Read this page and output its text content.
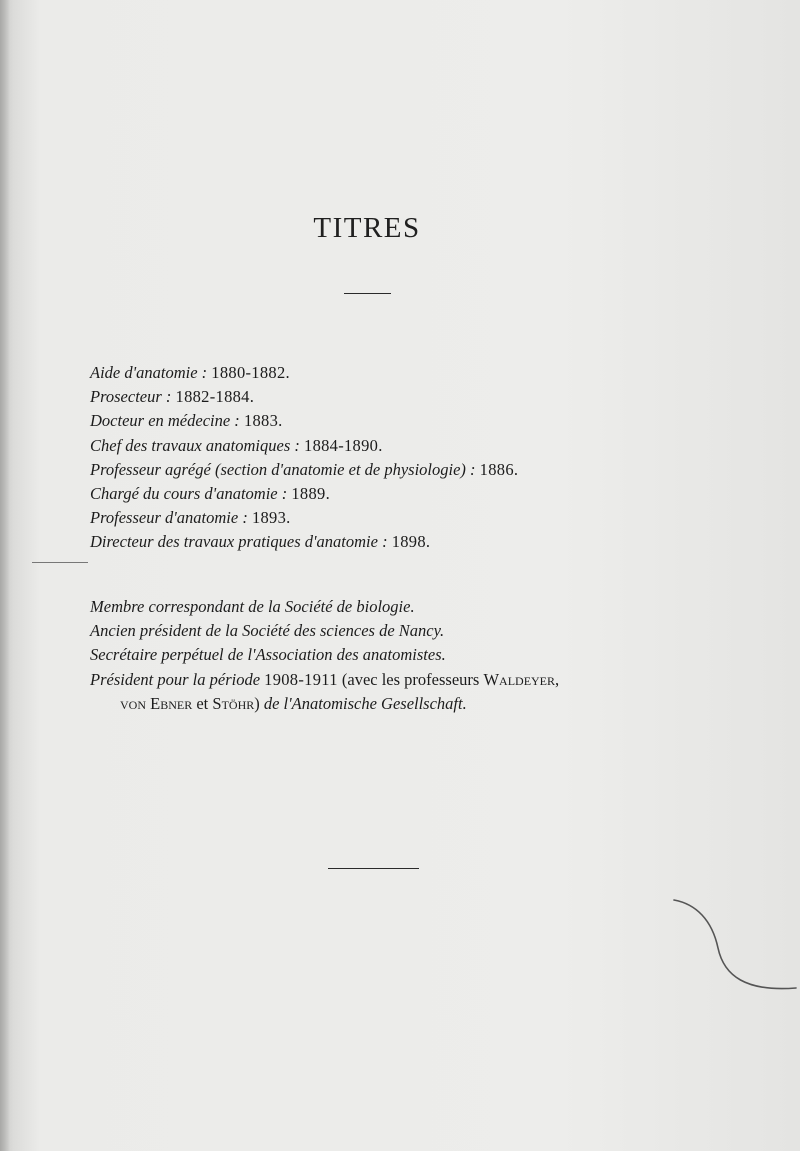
TITRES
Aide d'anatomie : 1880-1882.
Prosecteur : 1882-1884.
Docteur en médecine : 1883.
Chef des travaux anatomiques : 1884-1890.
Professeur agrégé (section d'anatomie et de physiologie) : 1886.
Chargé du cours d'anatomie : 1889.
Professeur d'anatomie : 1893.
Directeur des travaux pratiques d'anatomie : 1898.
Membre correspondant de la Société de biologie.
Ancien président de la Société des sciences de Nancy.
Secrétaire perpétuel de l'Association des anatomistes.
Président pour la période 1908-1911 (avec les professeurs Waldeyer,
von Ebner et Stöhr) de l'Anatomische Gesellschaft.
